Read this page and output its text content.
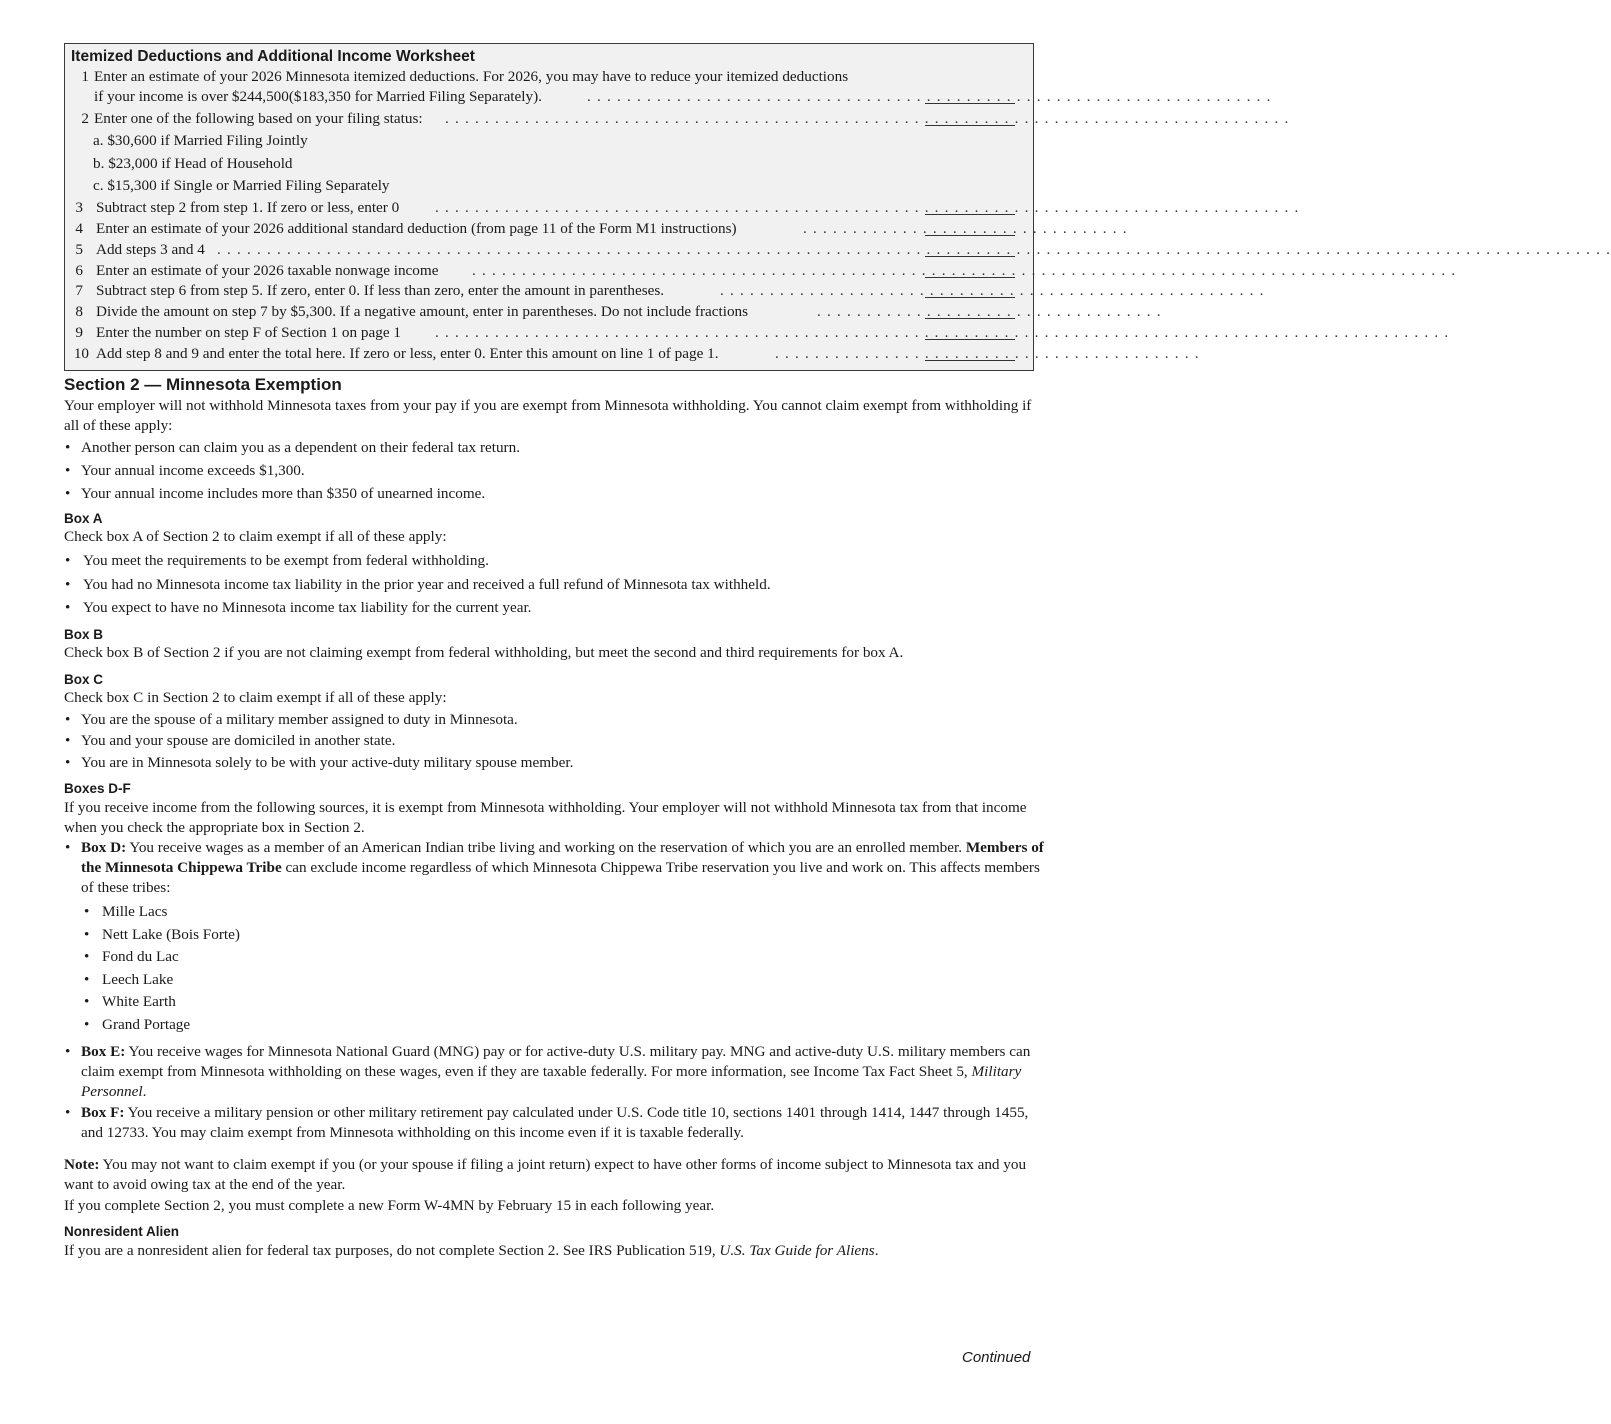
Itemized Deductions and Additional Income Worksheet
1 Enter an estimate of your 2026 Minnesota itemized deductions. For 2026, you may have to reduce your itemized deductions
if your income is over $244,500($183,350 for Married Filing Separately).	. . . . . . . . . . . . . . . . . . . . . . . . . . . . . . . . . . . . . . . . . . . . . . . . . . . . . . . . . . . . . . . . . . . . .
2 Enter one of the following based on your filing status: . . . . . . . . . . . . . . . . . . . . . . . . . . . . . . . . . . . . . . . . . . . . . . . . . . . . . . . . . . . . . . . . . . . . . . . . . . . . . . . . . . . . .
a. $30,600 if Married Filing Jointly
b. $23,000 if Head of Household
c. $15,300 if Single or Married Filing Separately
3 Subtract step 2 from step 1. If zero or less, enter 0 . . . . . . . . . . . . . . . . . . . . . . . . . . . . . . . . . . . . . . . . . . . . . . . . . . . . . . . . . . . . . . . . . . . . . . . . . . . . . . . . . . . . . . .
4 Enter an estimate of your 2026 additional standard deduction (from page 11 of the Form M1 instructions)	. . . . . . . . . . . . . . . . . . . . . . . . . . . . . . . . .
5 Add steps 3 and 4 . . . . . . . . . . . . . . . . . . . . . . . . . . . . . . . . . . . . . . . . . . . . . . . . . . . . . . . . . . . . . . . . . . . . . . . . . . . . . . . . . . . . . . . . . . . . . . . . . . . . . . . . . . . . . . . . . . . . . . . . . . . . . . . . . . . . . . . . . . . .
6 Enter an estimate of your 2026 taxable nonwage income . . . . . . . . . . . . . . . . . . . . . . . . . . . . . . . . . . . . . . . . . . . . . . . . . . . . . . . . . . . . . . . . . . . . . . . . . . . . . . . . . . . . . . . . . . . . . . . . . . .
7 Subtract step 6 from step 5. If zero, enter 0. If less than zero, enter the amount in parentheses.	. . . . . . . . . . . . . . . . . . . . . . . . . . . . . . . . . . . . . . . . . . . . . . . . . . . . . . .
8 Divide the amount on step 7 by $5,300. If a negative amount, enter in parentheses. Do not include fractions	. . . . . . . . . . . . . . . . . . . . . . . . . . . . . . . . . . .
9 Enter the number on step F of Section 1 on page 1 . . . . . . . . . . . . . . . . . . . . . . . . . . . . . . . . . . . . . . . . . . . . . . . . . . . . . . . . . . . . . . . . . . . . . . . . . . . . . . . . . . . . . . . . . . . . . . . . . . . . . .
10 Add step 8 and 9 and enter the total here. If zero or less, enter 0. Enter this amount on line 1 of page 1.	. . . . . . . . . . . . . . . . . . . . . . . . . . . . . . . . . . . . . . . . . . .
Section 2 — Minnesota Exemption
Your employer will not withhold Minnesota taxes from your pay if you are exempt from Minnesota withholding. You cannot claim exempt from withholding if all of these apply:
• Another person can claim you as a dependent on their federal tax return.
• Your annual income exceeds $1,300.
• Your annual income includes more than $350 of unearned income.
Box A
Check box A of Section 2 to claim exempt if all of these apply:
• You meet the requirements to be exempt from federal withholding.
• You had no Minnesota income tax liability in the prior year and received a full refund of Minnesota tax withheld.
• You expect to have no Minnesota income tax liability for the current year.
Box B
Check box B of Section 2 if you are not claiming exempt from federal withholding, but meet the second and third requirements for box A.
Box C
Check box C in Section 2 to claim exempt if all of these apply:
• You are the spouse of a military member assigned to duty in Minnesota.
• You and your spouse are domiciled in another state.
• You are in Minnesota solely to be with your active-duty military spouse member.
Boxes D-F
If you receive income from the following sources, it is exempt from Minnesota withholding. Your employer will not withhold Minnesota tax from that income when you check the appropriate box in Section 2.
• Box D: You receive wages as a member of an American Indian tribe living and working on the reservation of which you are an enrolled member. Members of the Minnesota Chippewa Tribe can exclude income regardless of which Minnesota Chippewa Tribe reservation you live and work on. This affects members of these tribes:
• Mille Lacs
• Nett Lake (Bois Forte)
• Fond du Lac
• Leech Lake
• White Earth
• Grand Portage
• Box E: You receive wages for Minnesota National Guard (MNG) pay or for active-duty U.S. military pay. MNG and active-duty U.S. military members can claim exempt from Minnesota withholding on these wages, even if they are taxable federally. For more information, see Income Tax Fact Sheet 5, Military Personnel.
• Box F: You receive a military pension or other military retirement pay calculated under U.S. Code title 10, sections 1401 through 1414, 1447 through 1455, and 12733. You may claim exempt from Minnesota withholding on this income even if it is taxable federally.
Note: You may not want to claim exempt if you (or your spouse if filing a joint return) expect to have other forms of income subject to Minnesota tax and you want to avoid owing tax at the end of the year.
If you complete Section 2, you must complete a new Form W-4MN by February 15 in each following year.
Nonresident Alien
If you are a nonresident alien for federal tax purposes, do not complete Section 2. See IRS Publication 519, U.S. Tax Guide for Aliens.
Continued
